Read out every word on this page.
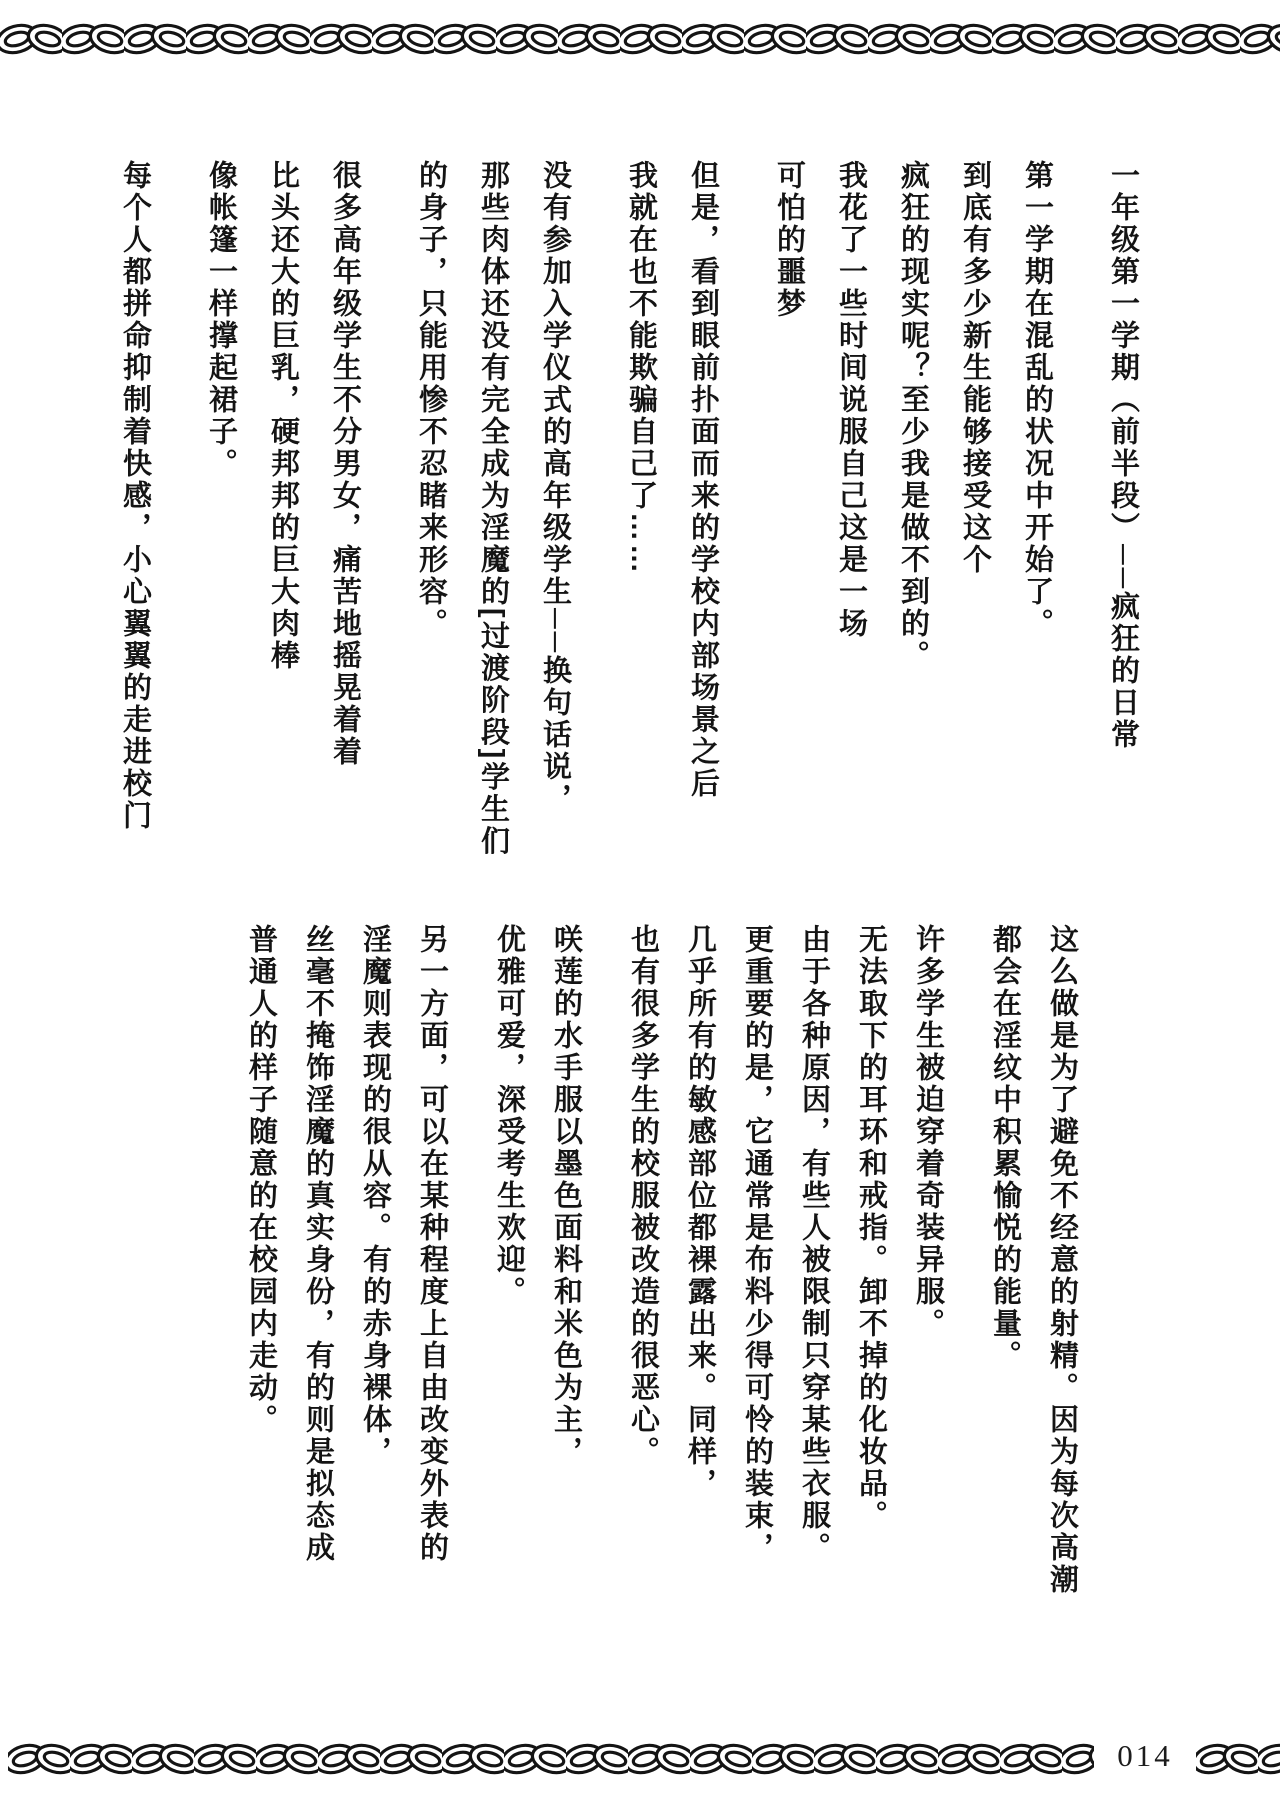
一年级第一学期（前半段）──疯狂的日常
第一学期在混乱的状况中开始了。
到底有多少新生能够接受这个
疯狂的现实呢？至少我是做不到的。
我花了一些时间说服自己这是一场
可怕的噩梦
但是，看到眼前扑面而来的学校内部场景之后
我就在也不能欺骗自己了……
没有参加入学仪式的高年级学生──换句话说，
那些肉体还没有完全成为淫魔的[过渡阶段]学生们
的身子，只能用惨不忍睹来形容。
很多高年级学生不分男女，痛苦地摇晃着着
比头还大的巨乳，硬邦邦的巨大肉棒
像帐篷一样撑起裙子。
每个人都拼命抑制着快感，小心翼翼的走进校门
这么做是为了避免不经意的射精。因为每次高潮
都会在淫纹中积累愉悦的能量。
许多学生被迫穿着奇装异服。
无法取下的耳环和戒指。卸不掉的化妆品。
由于各种原因，有些人被限制只穿某些衣服。
更重要的是，它通常是布料少得可怜的装束，
几乎所有的敏感部位都裸露出来。同样，
也有很多学生的校服被改造的很恶心。
咲莲的水手服以墨色面料和米色为主，
优雅可爱，深受考生欢迎。
另一方面，可以在某种程度上自由改变外表的
淫魔则表现的很从容。有的赤身裸体，
丝毫不掩饰淫魔的真实身份，有的则是拟态成
普通人的样子随意的在校园内走动。
014
